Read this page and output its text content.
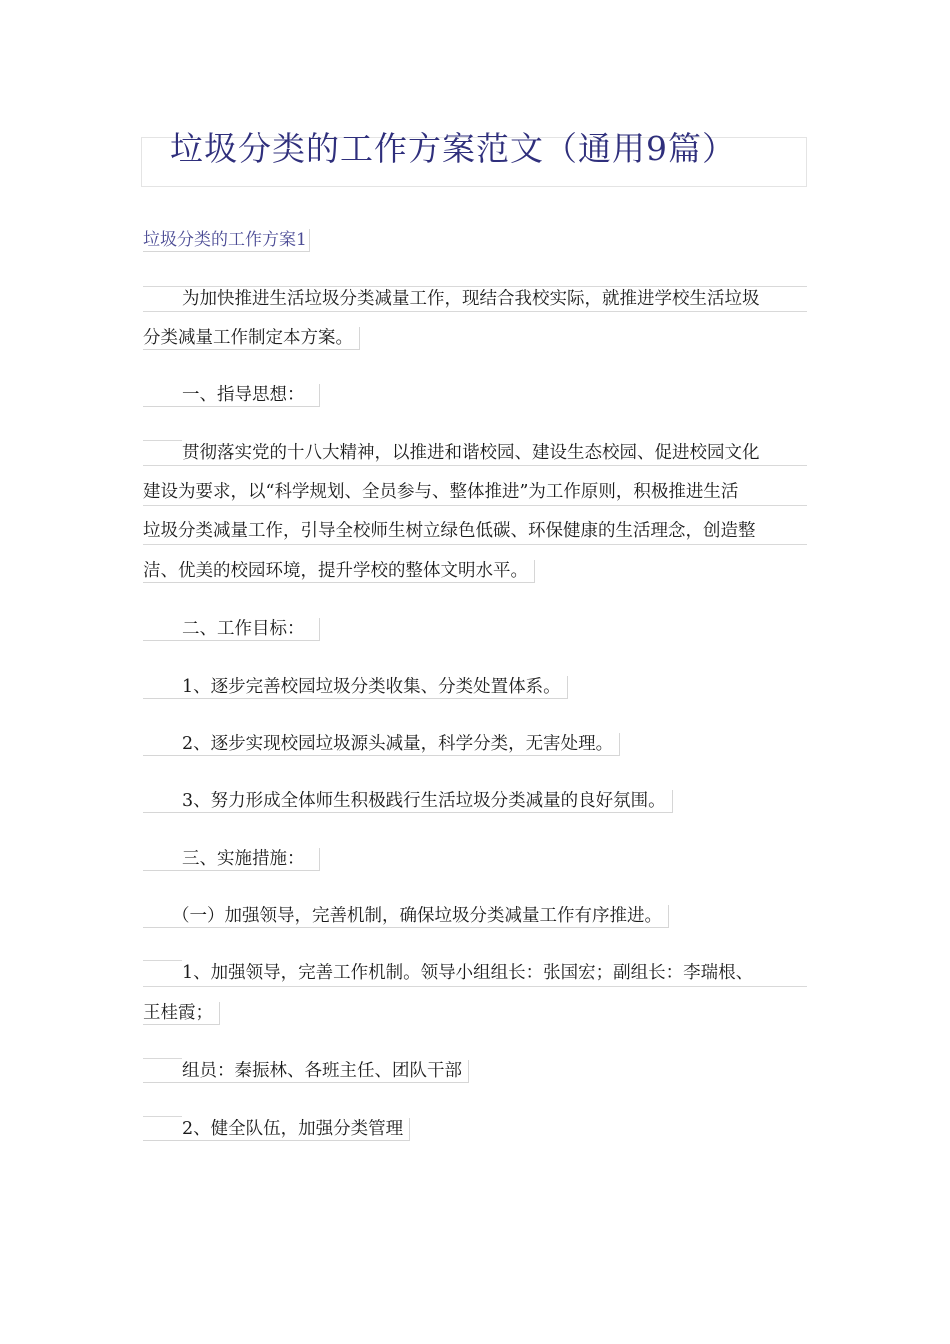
垃圾分类的工作方案范文（通用9篇）
垃圾分类的工作方案1
为加快推进生活垃圾分类减量工作，现结合我校实际，就推进学校生活垃圾
分类减量工作制定本方案。
一、指导思想：
贯彻落实党的十八大精神，以推进和谐校园、建设生态校园、促进校园文化
建设为要求，以“科学规划、全员参与、整体推进”为工作原则，积极推进生活
垃圾分类减量工作，引导全校师生树立绿色低碳、环保健康的生活理念，创造整
洁、优美的校园环境，提升学校的整体文明水平。
二、工作目标：
1、逐步完善校园垃圾分类收集、分类处置体系。
2、逐步实现校园垃圾源头减量，科学分类，无害处理。
3、努力形成全体师生积极践行生活垃圾分类减量的良好氛围。
三、实施措施：
（一）加强领导，完善机制，确保垃圾分类减量工作有序推进。
1、加强领导，完善工作机制。领导小组组长：张国宏；副组长：李瑞根、
王桂霞；
组员：秦振林、各班主任、团队干部
2、健全队伍，加强分类管理
